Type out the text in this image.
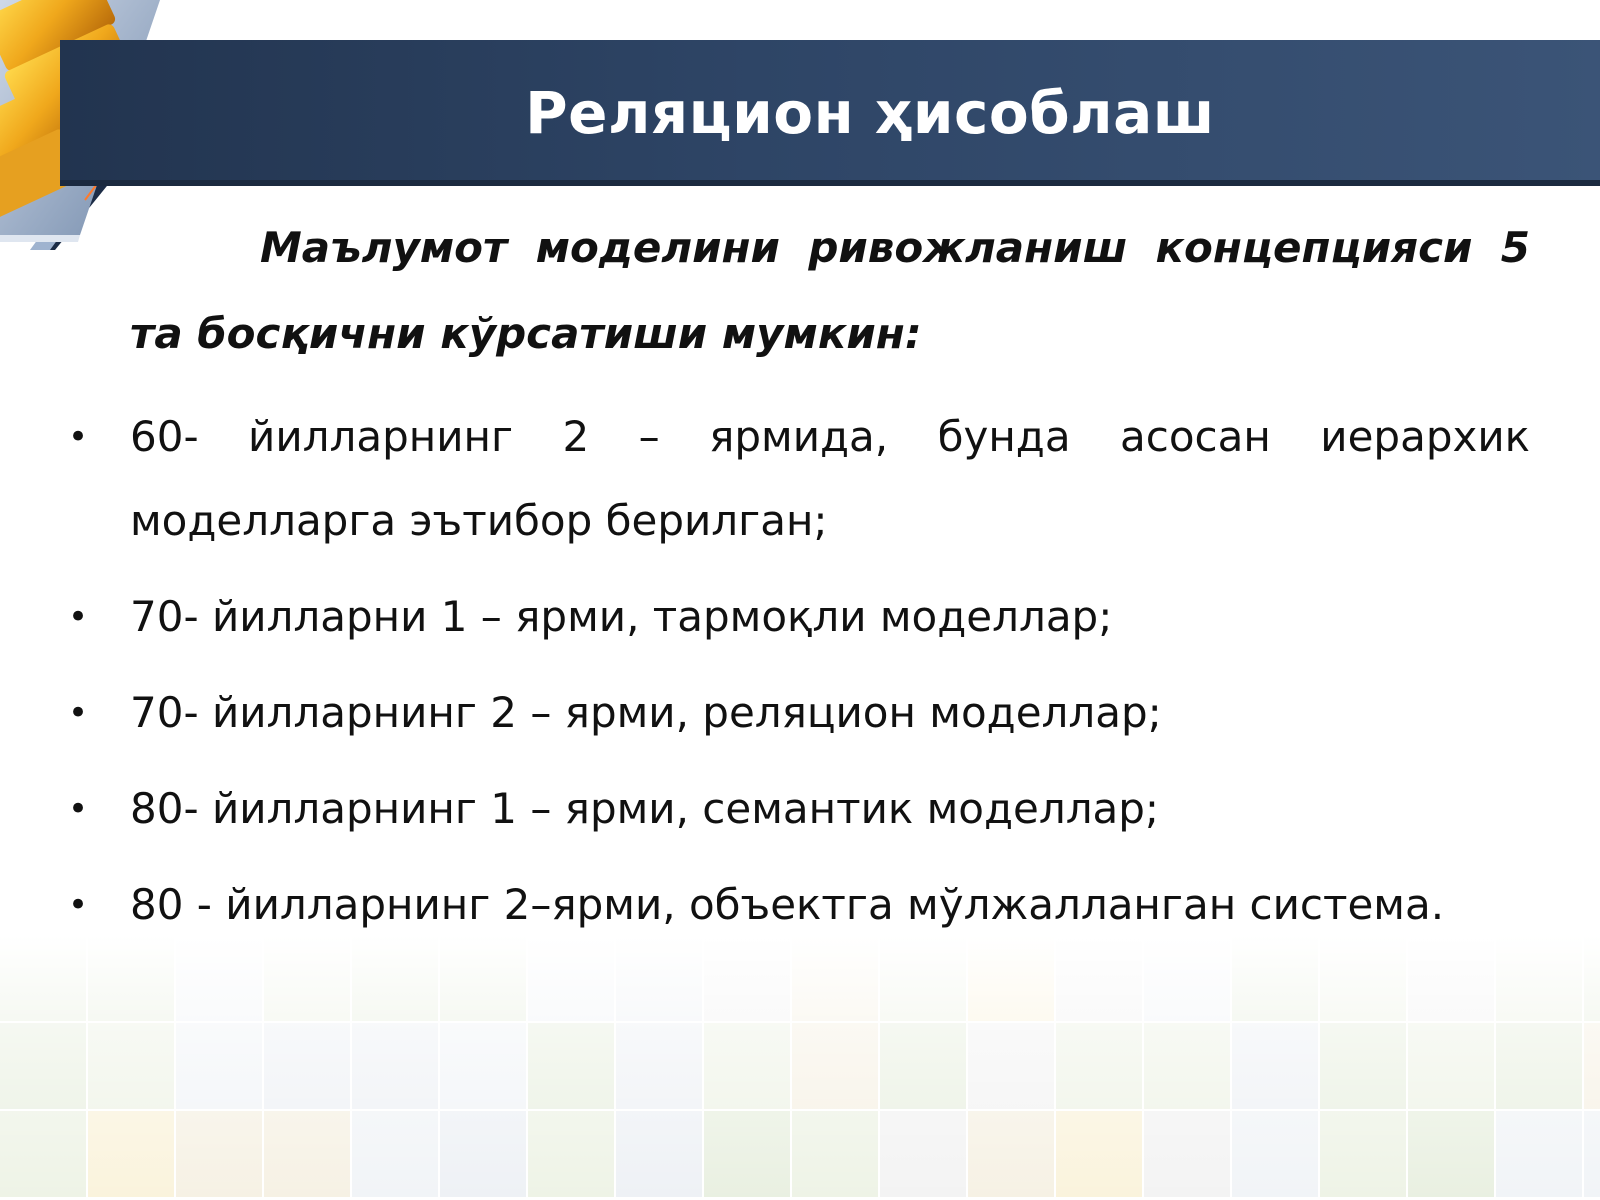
Реляцион ҳисоблаш

Маълумот моделини ривожланиш концепцияси 5 та босқични кўрсатиши мумкин:

• 60- йилларнинг 2 – ярмида, бунда асосан иерархик моделларга эътибор берилган;
• 70- йилларни 1 – ярми, тармоқли моделлар;
• 70- йилларнинг 2 – ярми, реляцион моделлар;
• 80- йилларнинг 1 – ярми, семантик моделлар;
• 80 - йилларнинг 2–ярми, объектга мўлжалланган система.
